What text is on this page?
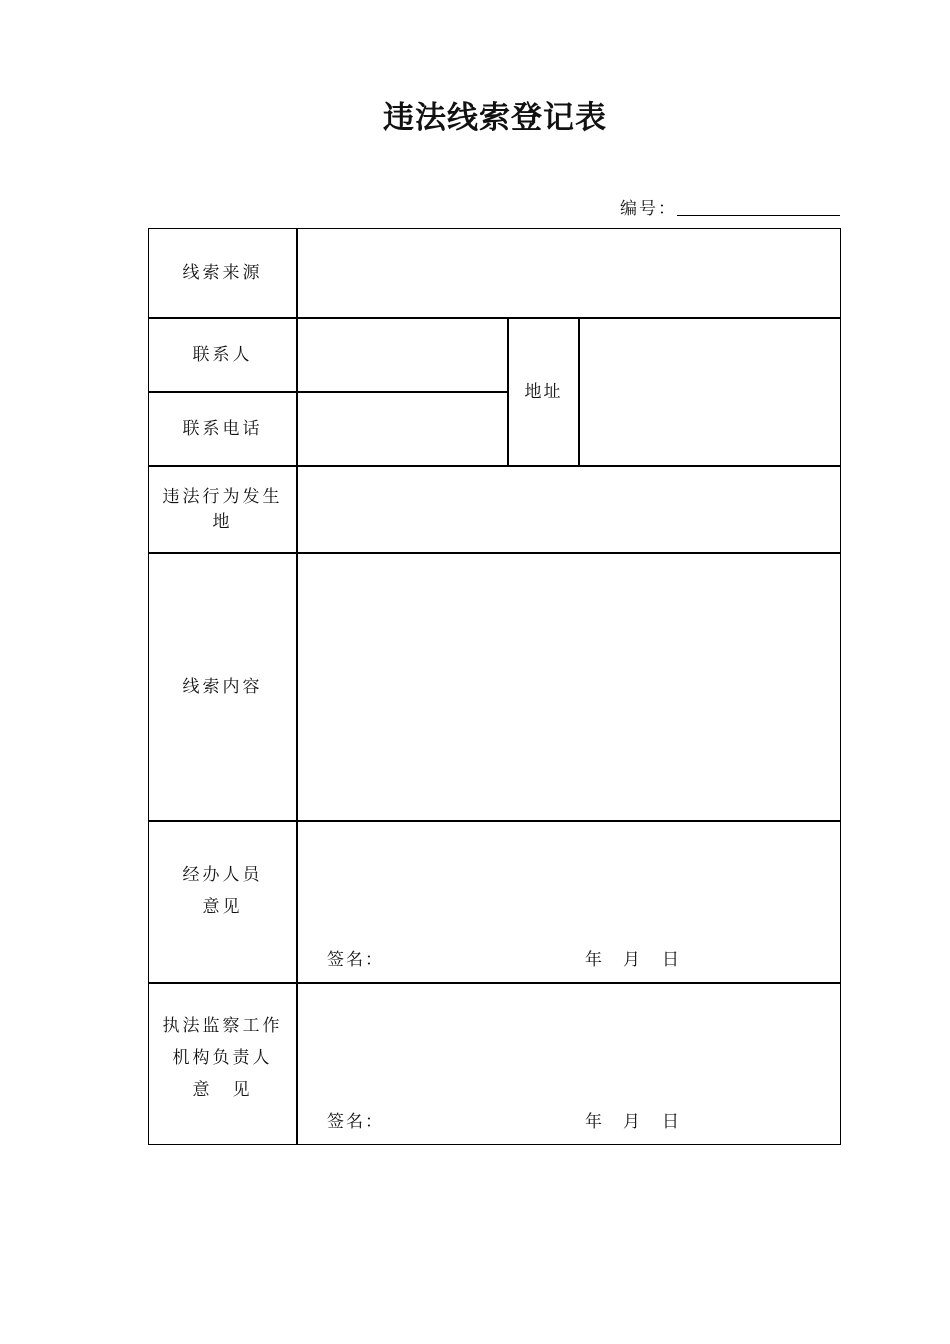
违法线索登记表
编号：
线索来源
联系人
联系电话
地址
违法行为发生
地
线索内容
经办人员
意见
签名：	年 月 日
执法监察工作
机构负责人
意　见
签名：	年 月 日
